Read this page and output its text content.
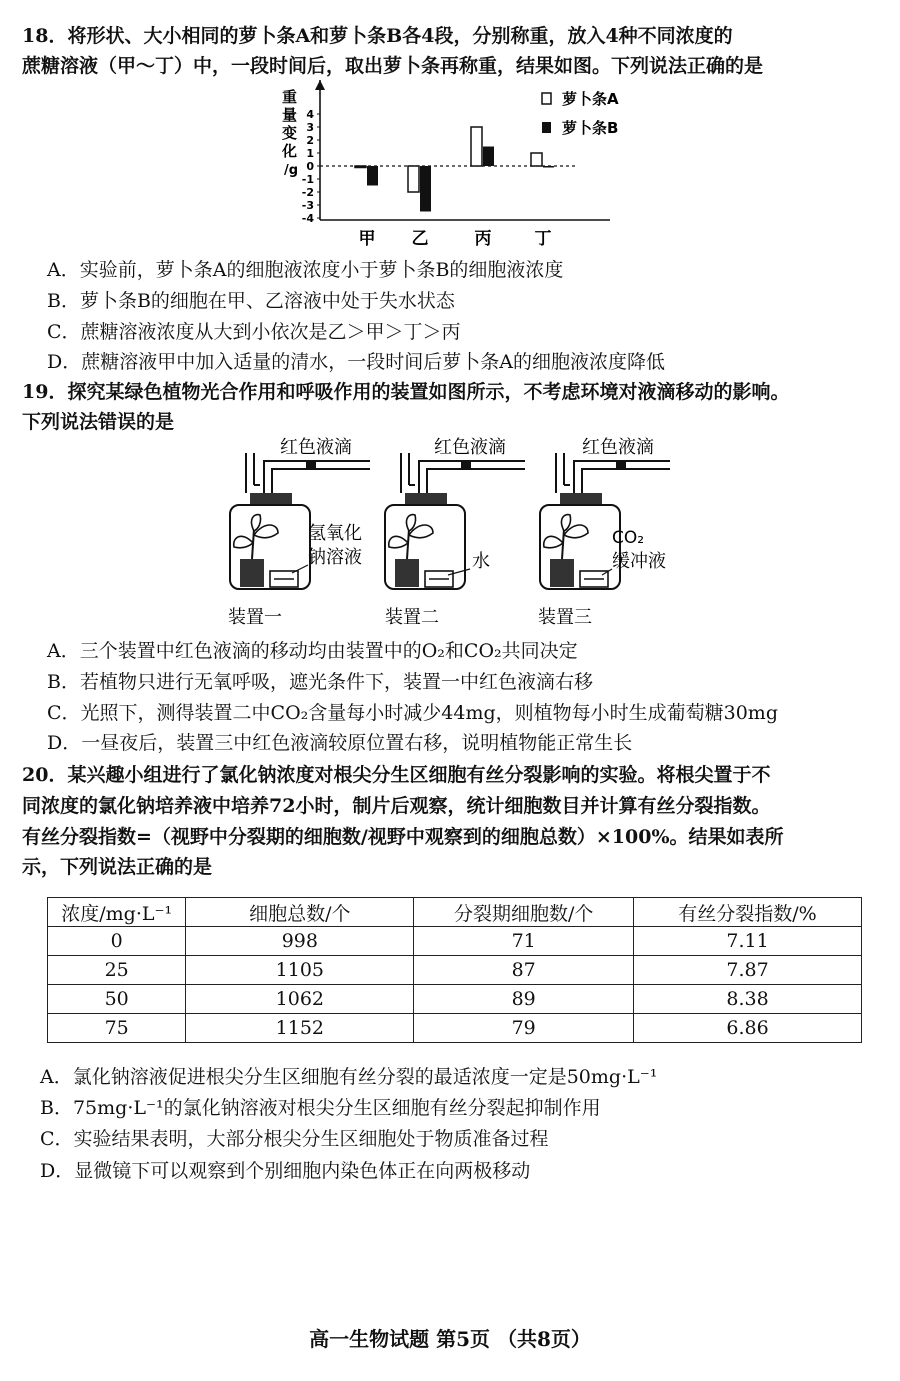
18．将形状、大小相同的萝卜条A和萝卜条B各4段，分别称重，放入4种不同浓度的
蔗糖溶液（甲～丁）中，一段时间后，取出萝卜条再称重，结果如图。下列说法正确的是
重
量
变
化
/g
4
3
2
1
0
-1
-2
-3
-4
甲 乙	丙	丁
萝卜条A
萝卜条B
A．实验前，萝卜条A的细胞液浓度小于萝卜条B的细胞液浓度
B．萝卜条B的细胞在甲、乙溶液中处于失水状态
C．蔗糖溶液浓度从大到小依次是乙＞甲＞丁＞丙
D．蔗糖溶液甲中加入适量的清水，一段时间后萝卜条A的细胞液浓度降低
19．探究某绿色植物光合作用和呼吸作用的装置如图所示，不考虑环境对液滴移动的影响。
下列说法错误的是
红色液滴	红色液滴	红色液滴
氢氧化
钠溶液	水
CO₂
缓冲液
装置一	装置二	装置三
A．三个装置中红色液滴的移动均由装置中的O₂和CO₂共同决定
B．若植物只进行无氧呼吸，遮光条件下，装置一中红色液滴右移
C．光照下，测得装置二中CO₂含量每小时减少44mg，则植物每小时生成葡萄糖30mg
D．一昼夜后，装置三中红色液滴较原位置右移，说明植物能正常生长
20．某兴趣小组进行了氯化钠浓度对根尖分生区细胞有丝分裂影响的实验。将根尖置于不
同浓度的氯化钠培养液中培养72小时，制片后观察，统计细胞数目并计算有丝分裂指数。
有丝分裂指数=（视野中分裂期的细胞数/视野中观察到的细胞总数）×100%。结果如表所
示，下列说法正确的是
浓度/mg·L⁻¹	细胞总数/个	分裂期细胞数/个	有丝分裂指数/%
0	998	71	7.11
25	1105	87	7.87
50	1062	89	8.38
75	1152	79	6.86
A．氯化钠溶液促进根尖分生区细胞有丝分裂的最适浓度一定是50mg·L⁻¹
B．75mg·L⁻¹的氯化钠溶液对根尖分生区细胞有丝分裂起抑制作用
C．实验结果表明，大部分根尖分生区细胞处于物质准备过程
D．显微镜下可以观察到个别细胞内染色体正在向两极移动
高一生物试题 第5页 （共8页）
